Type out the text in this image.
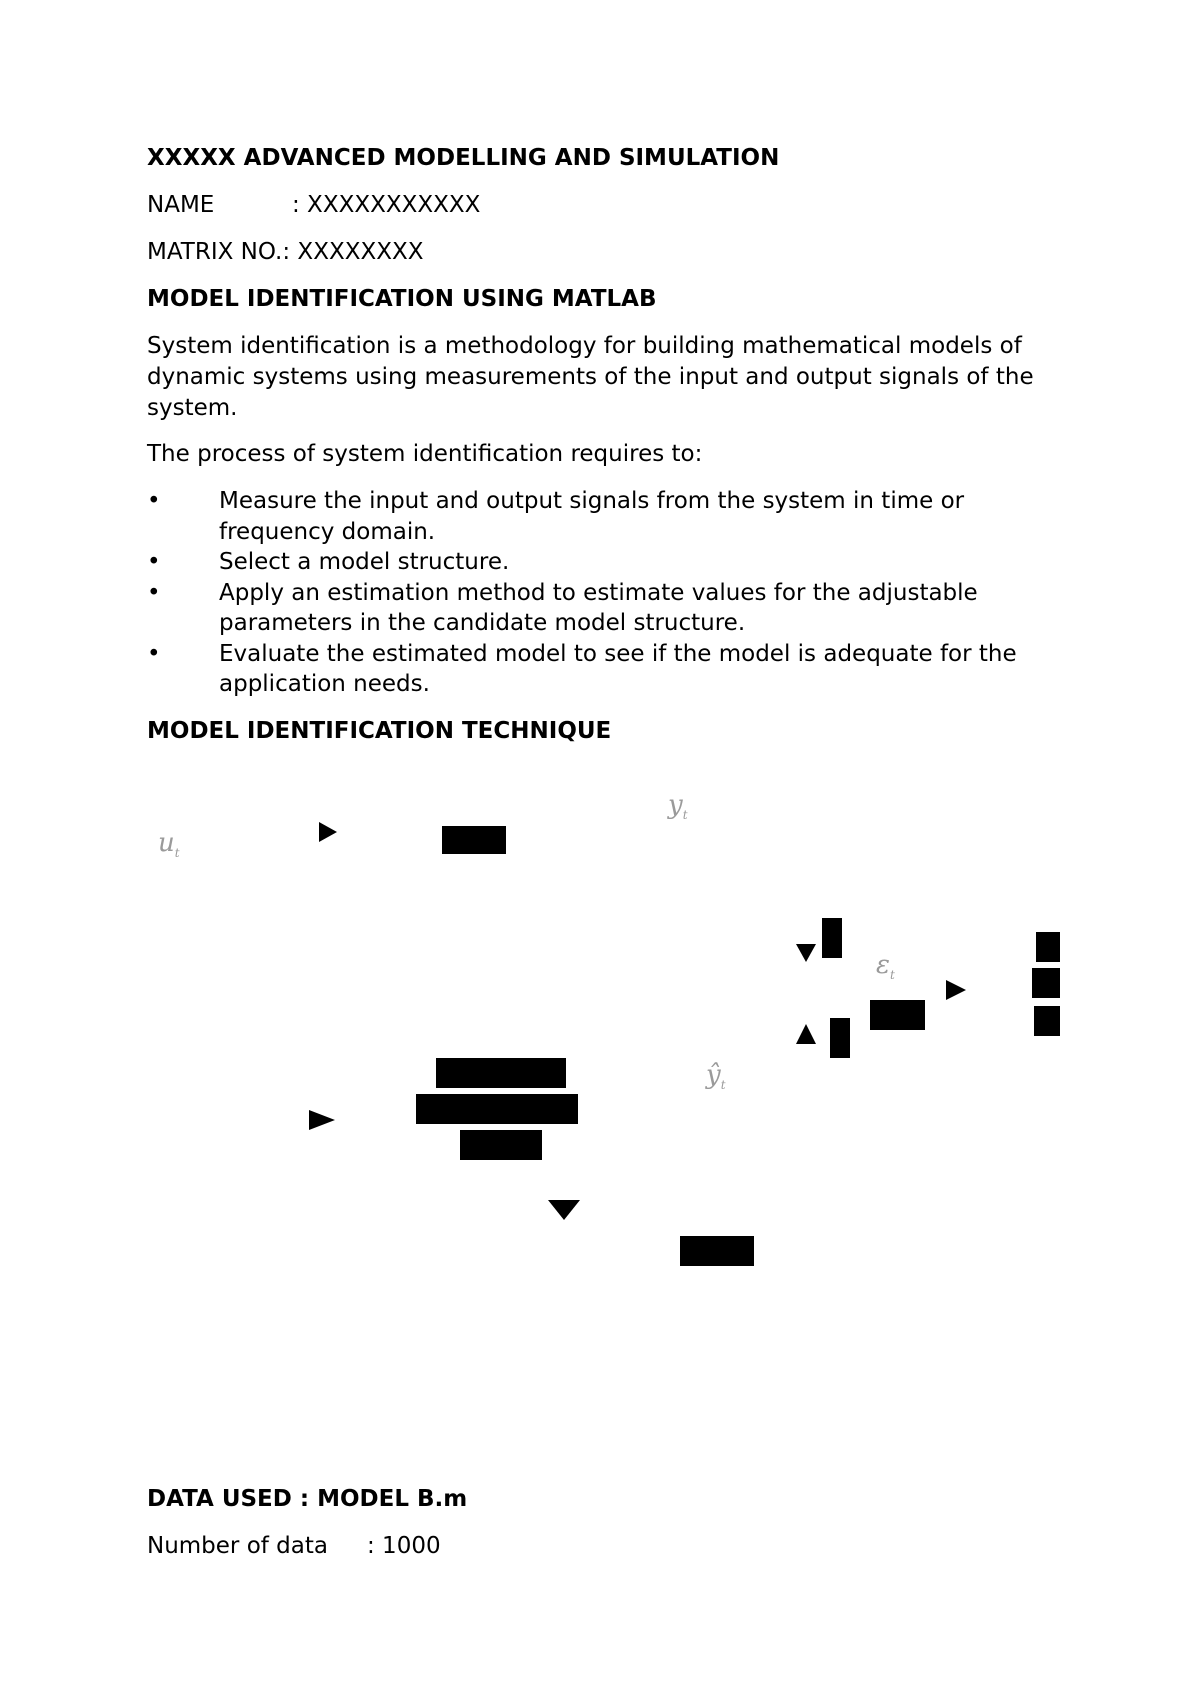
XXXXX ADVANCED MODELLING AND SIMULATION
NAME	: XXXXXXXXXXX
MATRIX NO.: XXXXXXXX
MODEL IDENTIFICATION USING MATLAB
System identification is a methodology for building mathematical models of dynamic systems using measurements of the input and output signals of the system.
The process of system identification requires to:
•	Measure the input and output signals from the system in time or frequency domain.
•	Select a model structure.
•	Apply an estimation method to estimate values for the adjustable parameters in the candidate model structure.
•	Evaluate the estimated model to see if the model is adequate for the application needs.
MODEL IDENTIFICATION TECHNIQUE
$u_t$
$y_t$
$\varepsilon_t$
$ŷ_t$
DATA USED : MODEL B.m
Number of data : 1000
